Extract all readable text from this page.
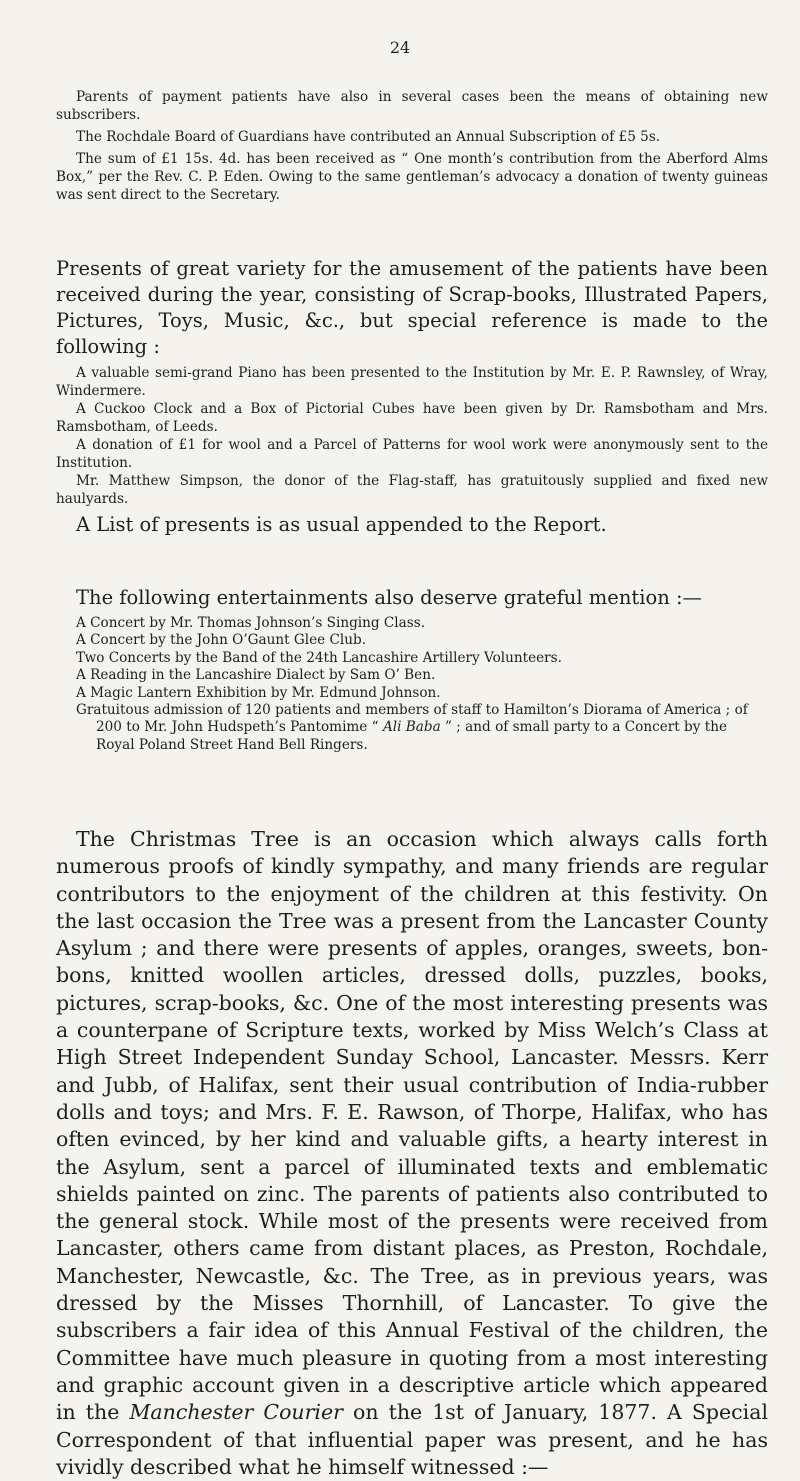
24

Parents of payment patients have also in several cases been the means of obtaining new subscribers.

The Rochdale Board of Guardians have contributed an Annual Subscription of £5 5s.

The sum of £1 15s. 4d. has been received as “ One month’s contribution from the Aberford Alms Box,” per the Rev. C. P. Eden. Owing to the same gentleman’s advocacy a donation of twenty guineas was sent direct to the Secretary.

Presents of great variety for the amusement of the patients have been received during the year, consisting of Scrap-books, Illustrated Papers, Pictures, Toys, Music, &c., but special reference is made to the following :

A valuable semi-grand Piano has been presented to the Institution by Mr. E. P. Rawnsley, of Wray, Windermere.

A Cuckoo Clock and a Box of Pictorial Cubes have been given by Dr. Ramsbotham and Mrs. Ramsbotham, of Leeds.

A donation of £1 for wool and a Parcel of Patterns for wool work were anonymously sent to the Institution.

Mr. Matthew Simpson, the donor of the Flag-staff, has gratuitously supplied and fixed new haulyards.

A List of presents is as usual appended to the Report.

The following entertainments also deserve grateful mention :—

A Concert by Mr. Thomas Johnson’s Singing Class.
A Concert by the John O’Gaunt Glee Club.
Two Concerts by the Band of the 24th Lancashire Artillery Volunteers.
A Reading in the Lancashire Dialect by Sam O’ Ben.
A Magic Lantern Exhibition by Mr. Edmund Johnson.
Gratuitous admission of 120 patients and members of staff to Hamilton’s Diorama of America ; of 200 to Mr. John Hudspeth’s Pantomime “ Ali Baba ” ; and of small party to a Concert by the Royal Poland Street Hand Bell Ringers.

The Christmas Tree is an occasion which always calls forth numerous proofs of kindly sympathy, and many friends are regular contributors to the enjoyment of the children at this festivity. On the last occasion the Tree was a present from the Lancaster County Asylum ; and there were presents of apples, oranges, sweets, bon-bons, knitted woollen articles, dressed dolls, puzzles, books, pictures, scrap-books, &c. One of the most interesting presents was a counterpane of Scripture texts, worked by Miss Welch’s Class at High Street Independent Sunday School, Lancaster. Messrs. Kerr and Jubb, of Halifax, sent their usual contribution of India-rubber dolls and toys; and Mrs. F. E. Rawson, of Thorpe, Halifax, who has often evinced, by her kind and valuable gifts, a hearty interest in the Asylum, sent a parcel of illuminated texts and emblematic shields painted on zinc. The parents of patients also contributed to the general stock. While most of the presents were received from Lancaster, others came from distant places, as Preston, Rochdale, Manchester, Newcastle, &c. The Tree, as in previous years, was dressed by the Misses Thornhill, of Lancaster. To give the subscribers a fair idea of this Annual Festival of the children, the Committee have much pleasure in quoting from a most interesting and graphic account given in a descriptive article which appeared in the Manchester Courier on the 1st of January, 1877. A Special Correspondent of that influential paper was present, and he has vividly described what he himself witnessed :—
